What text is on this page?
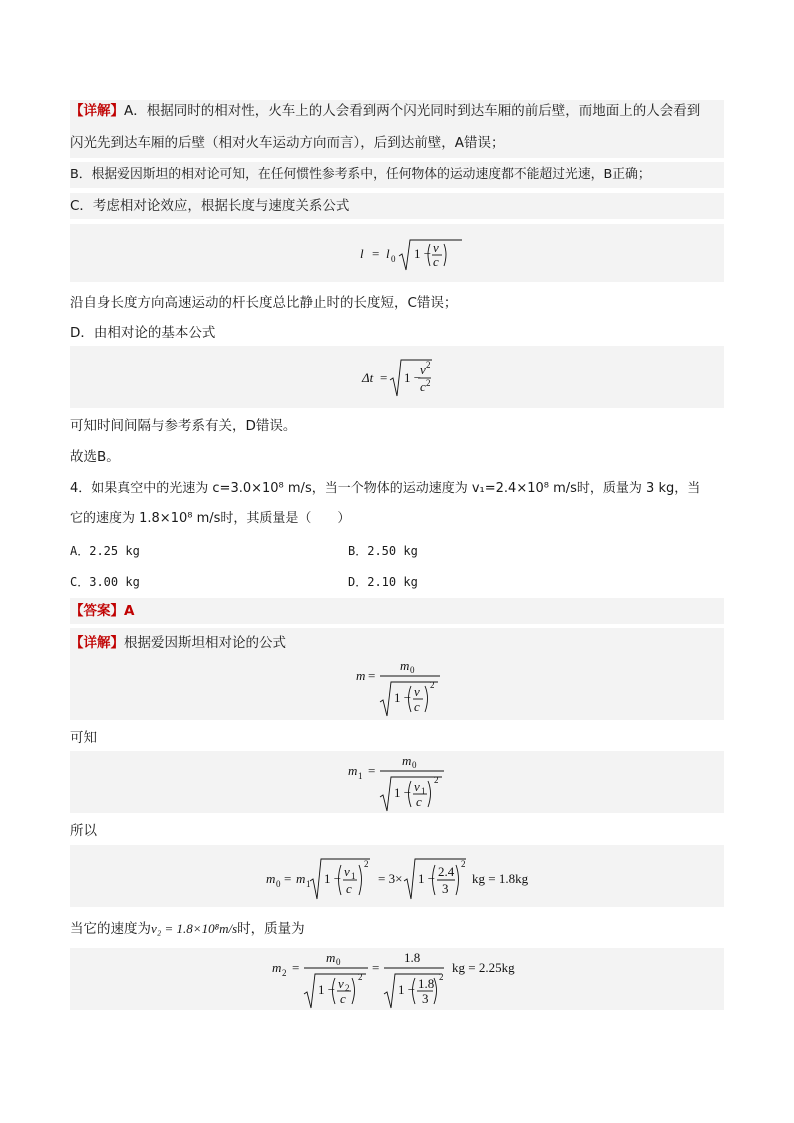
【详解】A．根据同时的相对性，火车上的人会看到两个闪光同时到达车厢的前后壁，而地面上的人会看到
闪光先到达车厢的后壁（相对火车运动方向而言），后到达前壁，A错误；
B．根据爱因斯坦的相对论可知，在任何惯性参考系中，任何物体的运动速度都不能超过光速，B正确；
C．考虑相对论效应，根据长度与速度关系公式
l = l 0 1 − v
c
沿自身长度方向高速运动的杆长度总比静止时的长度短，C错误；
D．由相对论的基本公式
Δt = 1 −
v 2
c 2
可知时间间隔与参考系有关，D错误。
故选B。
4．如果真空中的光速为 c=3.0×10⁸ m/s，当一个物体的运动速度为 v₁=2.4×10⁸ m/s时，质量为 3 kg，当
它的速度为 1.8×10⁸ m/s时，其质量是（　　）
A．2.25 kg	B．2.50 kg
C．3.00 kg	D．2.10 kg
【答案】A
【详解】根据爱因斯坦相对论的公式
m =
m 0
1 − v
c
2
可知
m 1 =
m 0
1 − v 1
c
2
所以
m 0 = m 1 1 − v 1
c
2
= 3× 1 − 2.4
3
2
kg = 1.8kg
当它的速度为v₂ = 1.8×10⁸m/s时，质量为
m 2 =
m 0
1 − v 2
c
2
=
1.8
1 − 1.8
3
2
kg = 2.25kg
